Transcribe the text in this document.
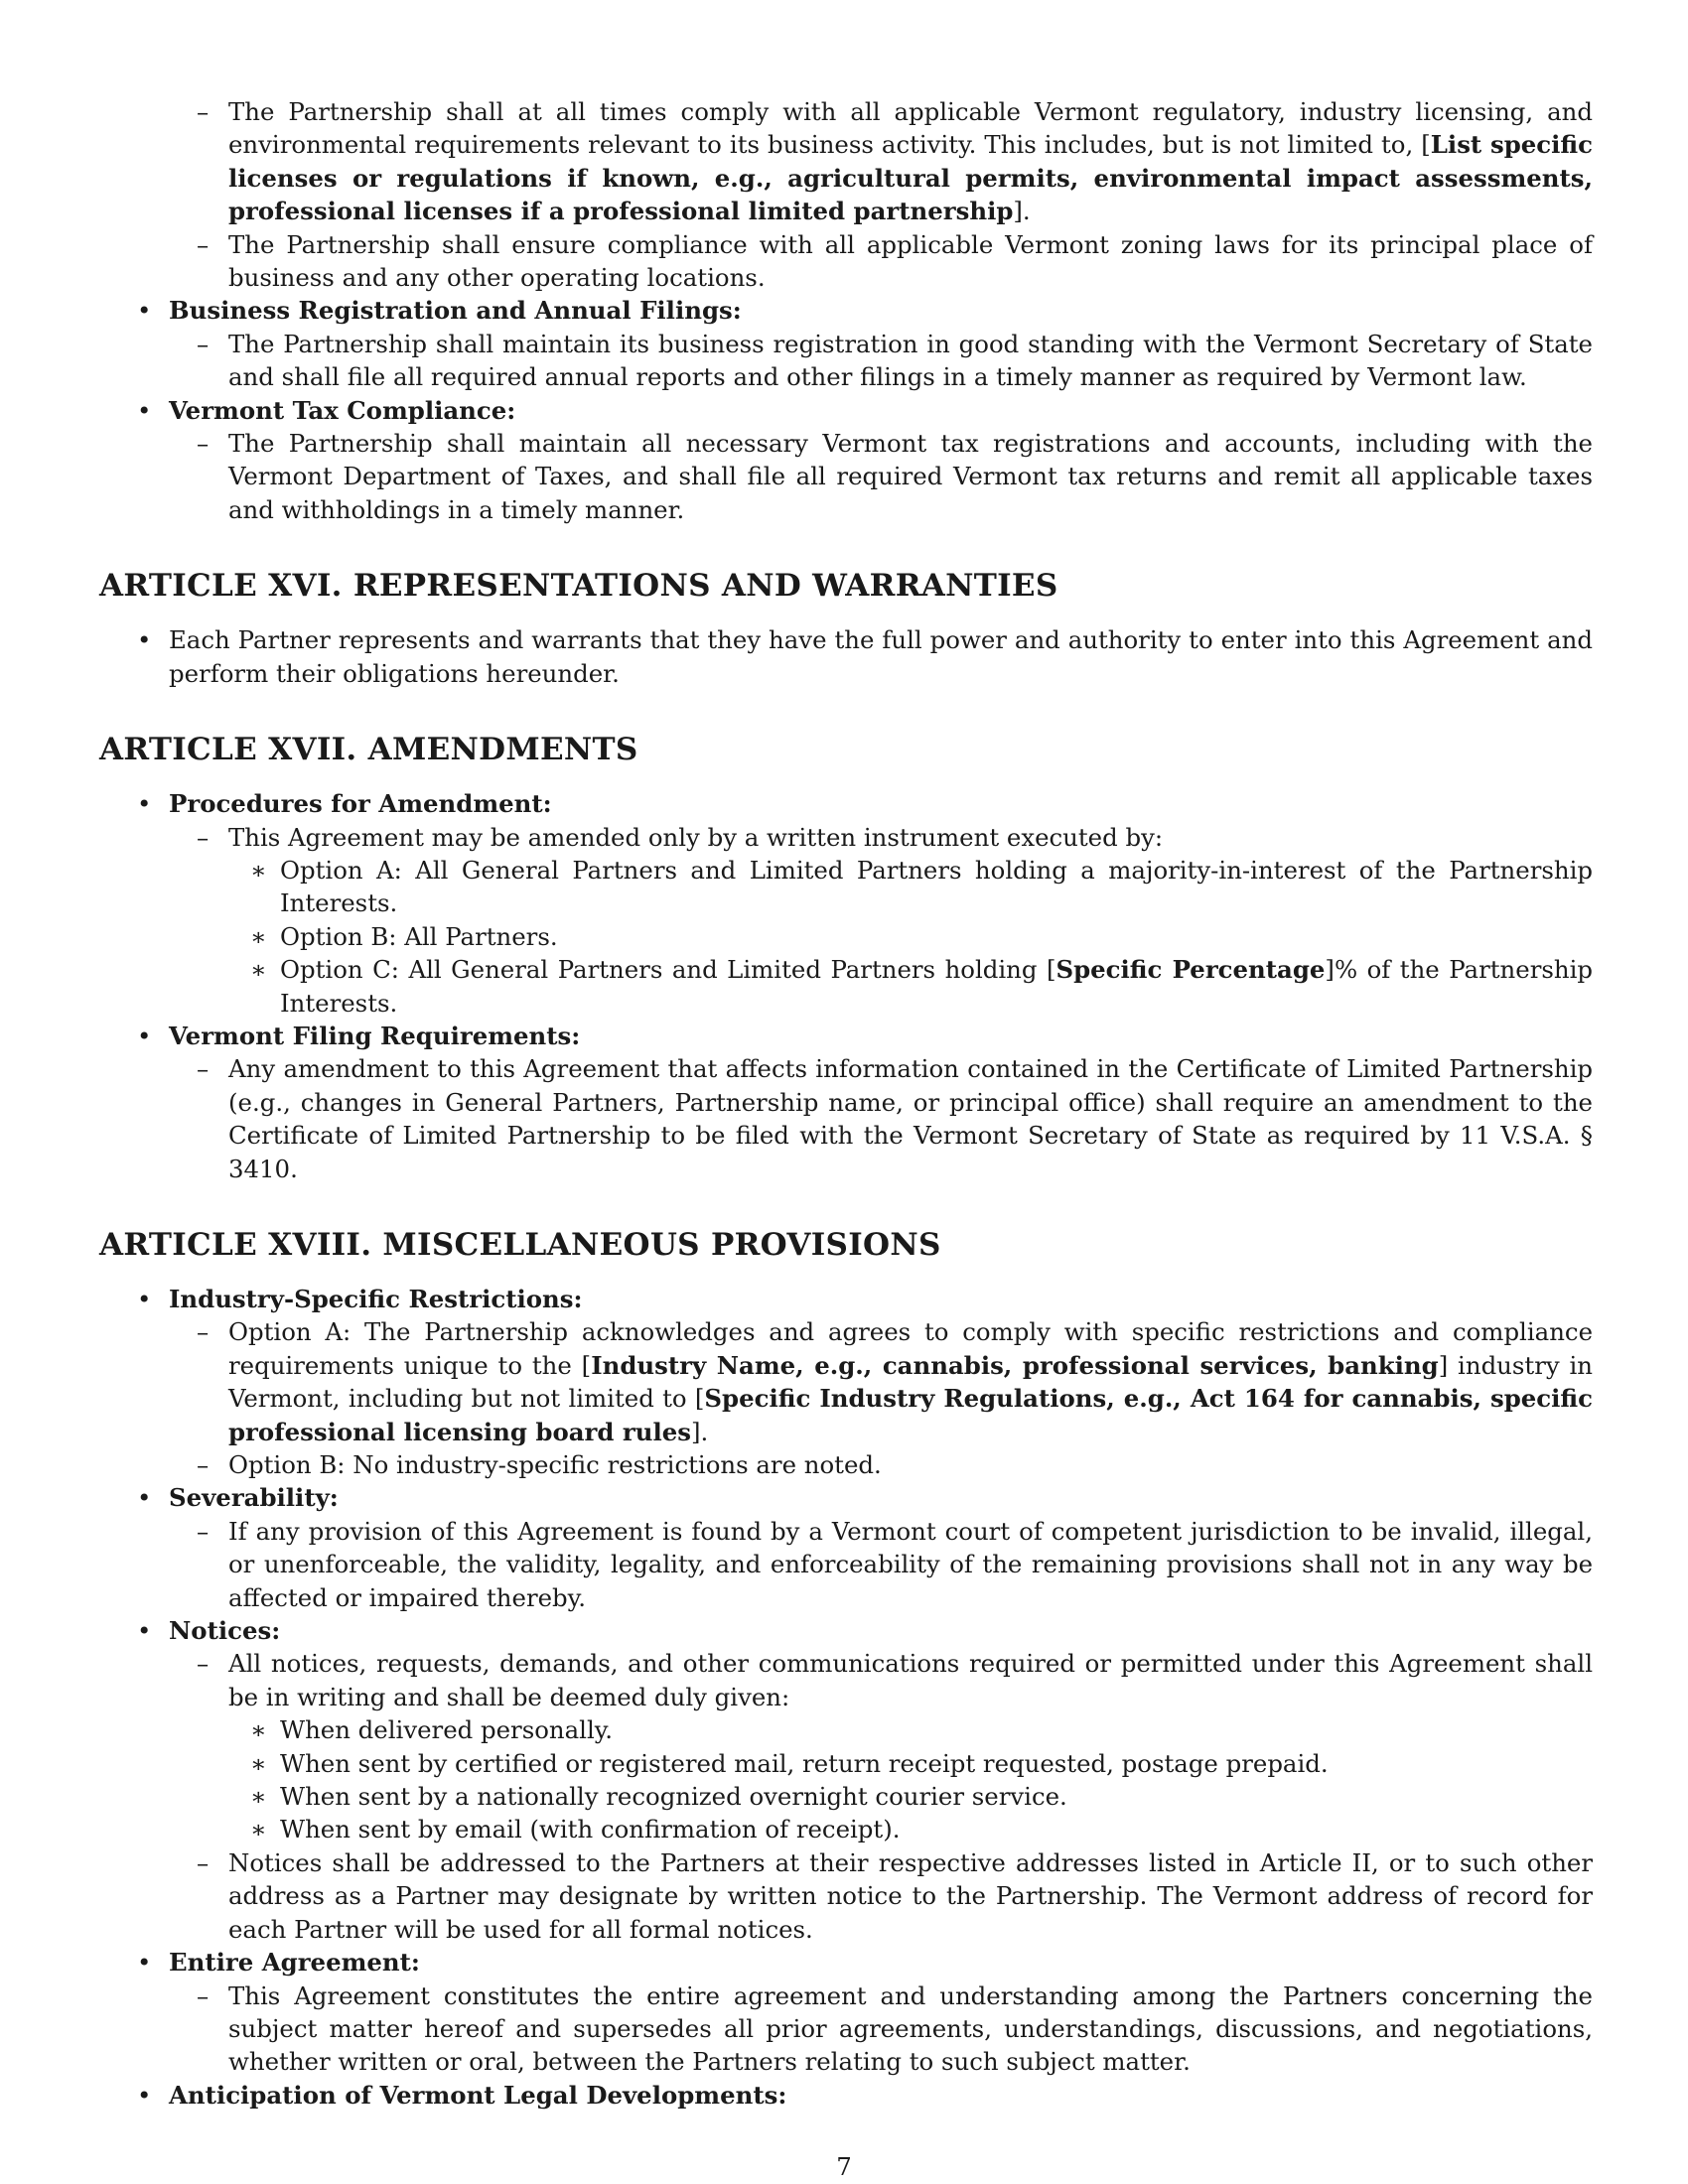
– The Partnership shall at all times comply with all applicable Vermont regulatory, industry licensing, and environmental requirements relevant to its business activity. This includes, but is not limited to, [List specific licenses or regulations if known, e.g., agricultural permits, environmental impact assessments, professional licenses if a professional limited partnership].
– The Partnership shall ensure compliance with all applicable Vermont zoning laws for its principal place of business and any other operating locations.
• Business Registration and Annual Filings:
– The Partnership shall maintain its business registration in good standing with the Vermont Secretary of State and shall file all required annual reports and other filings in a timely manner as required by Vermont law.
• Vermont Tax Compliance:
– The Partnership shall maintain all necessary Vermont tax registrations and accounts, including with the Vermont Department of Taxes, and shall file all required Vermont tax returns and remit all applicable taxes and withholdings in a timely manner.
ARTICLE XVI. REPRESENTATIONS AND WARRANTIES
• Each Partner represents and warrants that they have the full power and authority to enter into this Agreement and perform their obligations hereunder.
ARTICLE XVII. AMENDMENTS
• Procedures for Amendment:
– This Agreement may be amended only by a written instrument executed by:
∗ Option A: All General Partners and Limited Partners holding a majority-in-interest of the Partnership Interests.
∗ Option B: All Partners.
∗ Option C: All General Partners and Limited Partners holding [Specific Percentage]% of the Partnership Interests.
• Vermont Filing Requirements:
– Any amendment to this Agreement that affects information contained in the Certificate of Limited Partnership (e.g., changes in General Partners, Partnership name, or principal office) shall require an amendment to the Certificate of Limited Partnership to be filed with the Vermont Secretary of State as required by 11 V.S.A. § 3410.
ARTICLE XVIII. MISCELLANEOUS PROVISIONS
• Industry-Specific Restrictions:
– Option A: The Partnership acknowledges and agrees to comply with specific restrictions and compliance requirements unique to the [Industry Name, e.g., cannabis, professional services, banking] industry in Vermont, including but not limited to [Specific Industry Regulations, e.g., Act 164 for cannabis, specific professional licensing board rules].
– Option B: No industry-specific restrictions are noted.
• Severability:
– If any provision of this Agreement is found by a Vermont court of competent jurisdiction to be invalid, illegal, or unenforceable, the validity, legality, and enforceability of the remaining provisions shall not in any way be affected or impaired thereby.
• Notices:
– All notices, requests, demands, and other communications required or permitted under this Agreement shall be in writing and shall be deemed duly given:
∗ When delivered personally.
∗ When sent by certified or registered mail, return receipt requested, postage prepaid.
∗ When sent by a nationally recognized overnight courier service.
∗ When sent by email (with confirmation of receipt).
– Notices shall be addressed to the Partners at their respective addresses listed in Article II, or to such other address as a Partner may designate by written notice to the Partnership. The Vermont address of record for each Partner will be used for all formal notices.
• Entire Agreement:
– This Agreement constitutes the entire agreement and understanding among the Partners concerning the subject matter hereof and supersedes all prior agreements, understandings, discussions, and negotiations, whether written or oral, between the Partners relating to such subject matter.
• Anticipation of Vermont Legal Developments:
7
